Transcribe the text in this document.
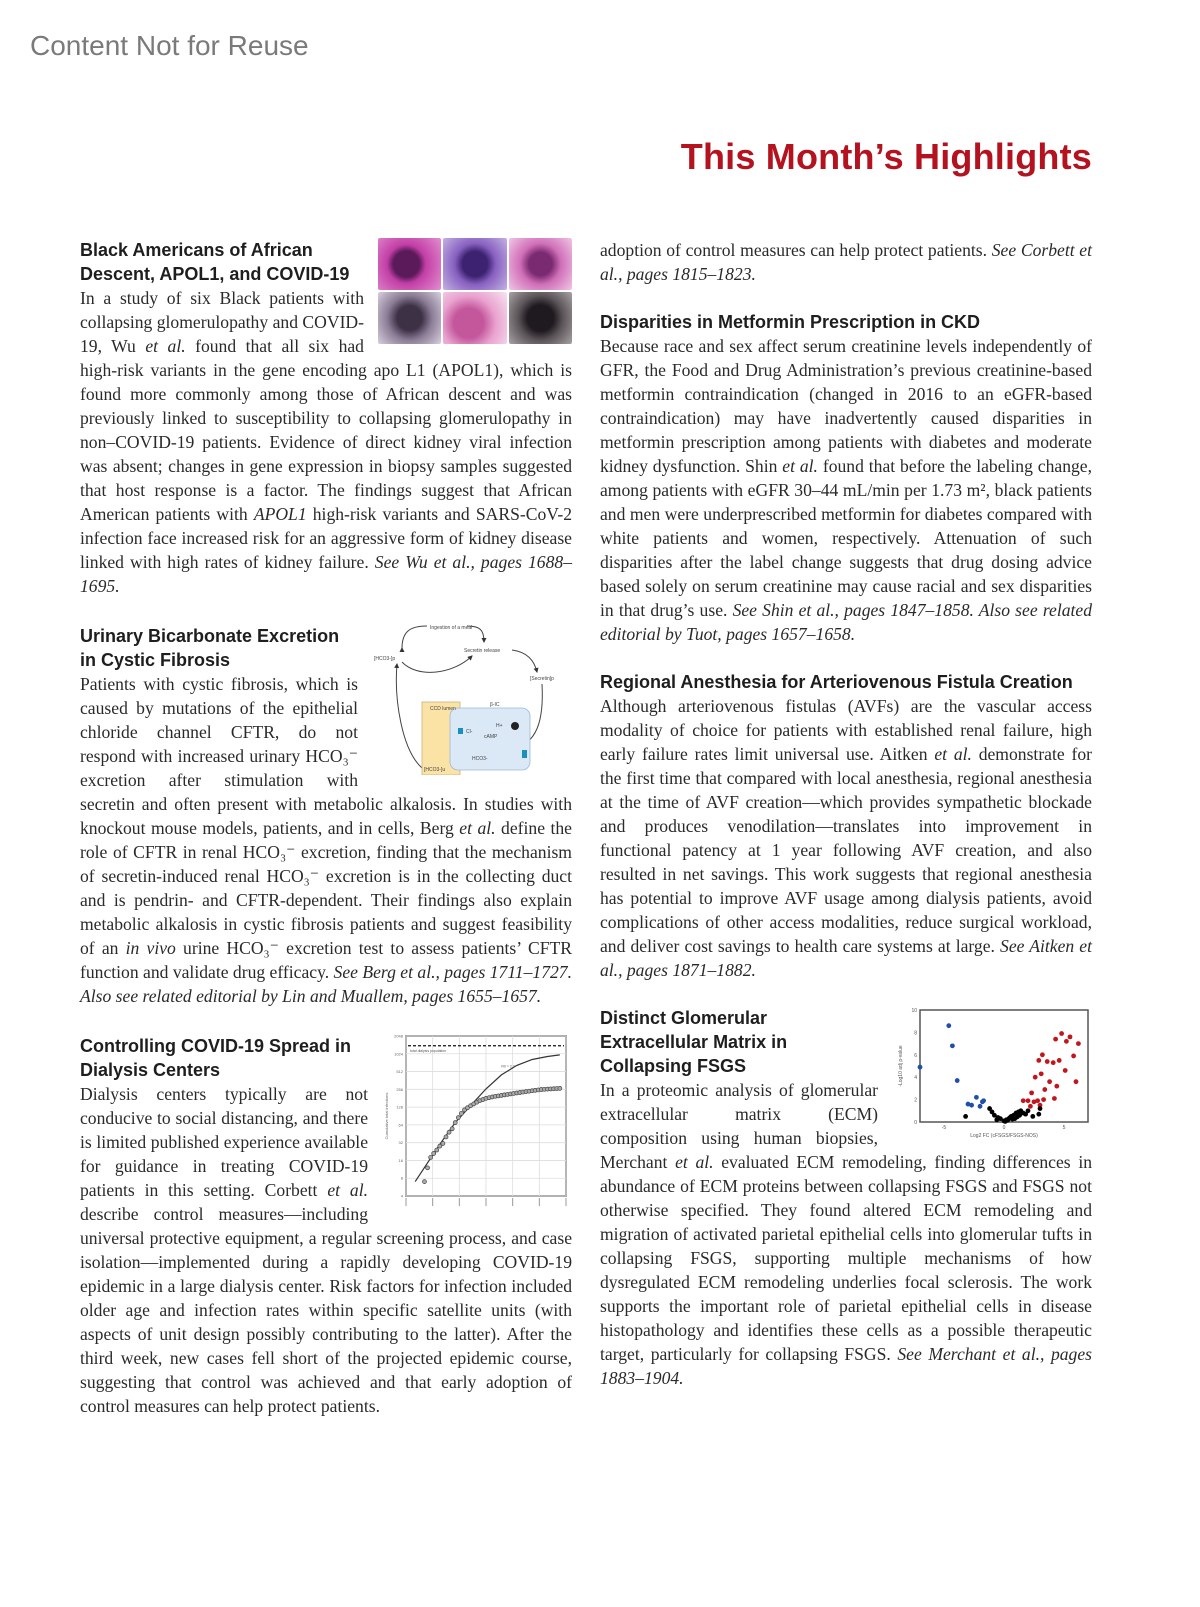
Content Not for Reuse
This Month’s Highlights
Black Americans of African Descent, APOL1, and COVID-19

In a study of six Black patients with collapsing glomerulopathy and COVID-19, Wu et al. found that all six had high-risk variants in the gene encoding apo L1 (APOL1), which is found more commonly among those of African descent and was previously linked to susceptibility to collapsing glomerulopathy in non–COVID-19 patients. Evidence of direct kidney viral infection was absent; changes in gene expression in biopsy samples suggested that host response is a factor. The findings suggest that African American patients with APOL1 high-risk variants and SARS-CoV-2 infection face increased risk for an aggressive form of kidney disease linked with high rates of kidney failure. See Wu et al., pages 1688–1695.

Ingestion of a meal
Secretin release
[HCO3-]p
[Secretin]p
CCD lumen
β-IC
H+
cAMP
Cl-
HCO3-
[HCO3-]u
Urinary Bicarbonate Excretion in Cystic Fibrosis

Patients with cystic fibrosis, which is caused by mutations of the epithelial chloride channel CFTR, do not respond with increased urinary HCO₃⁻ excretion after stimulation with secretin and often present with metabolic alkalosis. In studies with knockout mouse models, patients, and in cells, Berg et al. define the role of CFTR in renal HCO₃⁻ excretion, finding that the mechanism of secretin-induced renal HCO₃⁻ excretion is in the collecting duct and is pendrin- and CFTR-dependent. Their findings also explain metabolic alkalosis in cystic fibrosis patients and suggest feasibility of an in vivo urine HCO₃⁻ excretion test to assess patients’ CFTR function and validate drug efficacy. See Berg et al., pages 1711–1727. Also see related editorial by Lin and Muallem, pages 1655–1657.

4
8
16
32
64
128
256
512
1024
2048
total dialysis population
R0 = 2.2
Cumulative total infections
Controlling COVID-19 Spread in Dialysis Centers

Dialysis centers typically are not conducive to social distancing, and there is limited published experience available for guidance in treating COVID-19 patients in this setting. Corbett et al. describe control measures—including universal protective equipment, a regular screening process, and case isolation—implemented during a rapidly developing COVID-19 epidemic in a large dialysis center. Risk factors for infection included older age and infection rates within specific satellite units (with aspects of unit design possibly contributing to the latter). After the third week, new cases fell short of the projected epidemic course, suggesting that control was achieved and that early adoption of control measures can help protect patients.

adoption of control measures can help protect patients. See Corbett et al., pages 1815–1823.

Disparities in Metformin Prescription in CKD

Because race and sex affect serum creatinine levels independently of GFR, the Food and Drug Administration’s previous creatinine-based metformin contraindication (changed in 2016 to an eGFR-based contraindication) may have inadvertently caused disparities in metformin prescription among patients with diabetes and moderate kidney dysfunction. Shin et al. found that before the labeling change, among patients with eGFR 30–44 mL/min per 1.73 m², black patients and men were underprescribed metformin for diabetes compared with white patients and women, respectively. Attenuation of such disparities after the label change suggests that drug dosing advice based solely on serum creatinine may cause racial and sex disparities in that drug’s use. See Shin et al., pages 1847–1858. Also see related editorial by Tuot, pages 1657–1658.

Regional Anesthesia for Arteriovenous Fistula Creation

Although arteriovenous fistulas (AVFs) are the vascular access modality of choice for patients with established renal failure, high early failure rates limit universal use. Aitken et al. demonstrate for the first time that compared with local anesthesia, regional anesthesia at the time of AVF creation—which provides sympathetic blockade and produces venodilation—translates into improvement in functional patency at 1 year following AVF creation, and also resulted in net savings. This work suggests that regional anesthesia has potential to improve AVF usage among dialysis patients, avoid complications of other access modalities, reduce surgical workload, and deliver cost savings to health care systems at large. See Aitken et al., pages 1871–1882.

0
2
4
6
8
10
-5	0	5
Log2 FC (cFSGS/FSGS-NOS)
-Log10 adj p-value
Distinct Glomerular Extracellular Matrix in Collapsing FSGS

In a proteomic analysis of glomerular extracellular matrix (ECM) composition using human biopsies, Merchant et al. evaluated ECM remodeling, finding differences in abundance of ECM proteins between collapsing FSGS and FSGS not otherwise specified. They found altered ECM remodeling and migration of activated parietal epithelial cells into glomerular tufts in collapsing FSGS, supporting multiple mechanisms of how dysregulated ECM remodeling underlies focal sclerosis. The work supports the important role of parietal epithelial cells in disease histopathology and identifies these cells as a possible therapeutic target, particularly for collapsing FSGS. See Merchant et al., pages 1883–1904.
